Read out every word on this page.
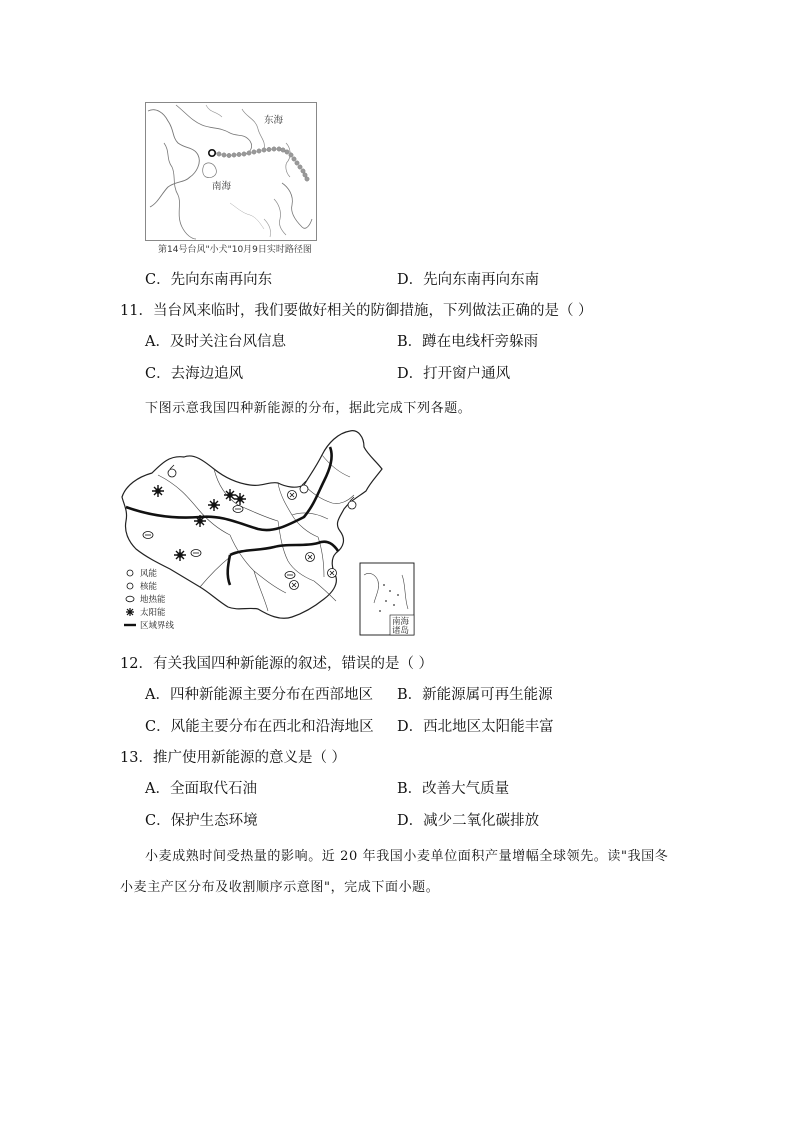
东海
南海
第14号台风"小犬"10月9日实时路径图
C．先向东南再向东	D．先向东南再向东南
11．当台风来临时，我们要做好相关的防御措施，下列做法正确的是（ ）
A．及时关注台风信息	B．蹲在电线杆旁躲雨
C．去海边追风	D．打开窗户通风
下图示意我国四种新能源的分布，据此完成下列各题。
风能
核能
地热能
太阳能
区域界线	南海
诸岛
12．有关我国四种新能源的叙述，错误的是（ ）
A．四种新能源主要分布在西部地区 B．新能源属可再生能源
C．风能主要分布在西北和沿海地区 D．西北地区太阳能丰富
13．推广使用新能源的意义是（ ）
A．全面取代石油	B．改善大气质量
C．保护生态环境	D．减少二氧化碳排放
小麦成熟时间受热量的影响。近 20 年我国小麦单位面积产量增幅全球领先。读"我国冬
小麦主产区分布及收割顺序示意图"，完成下面小题。
